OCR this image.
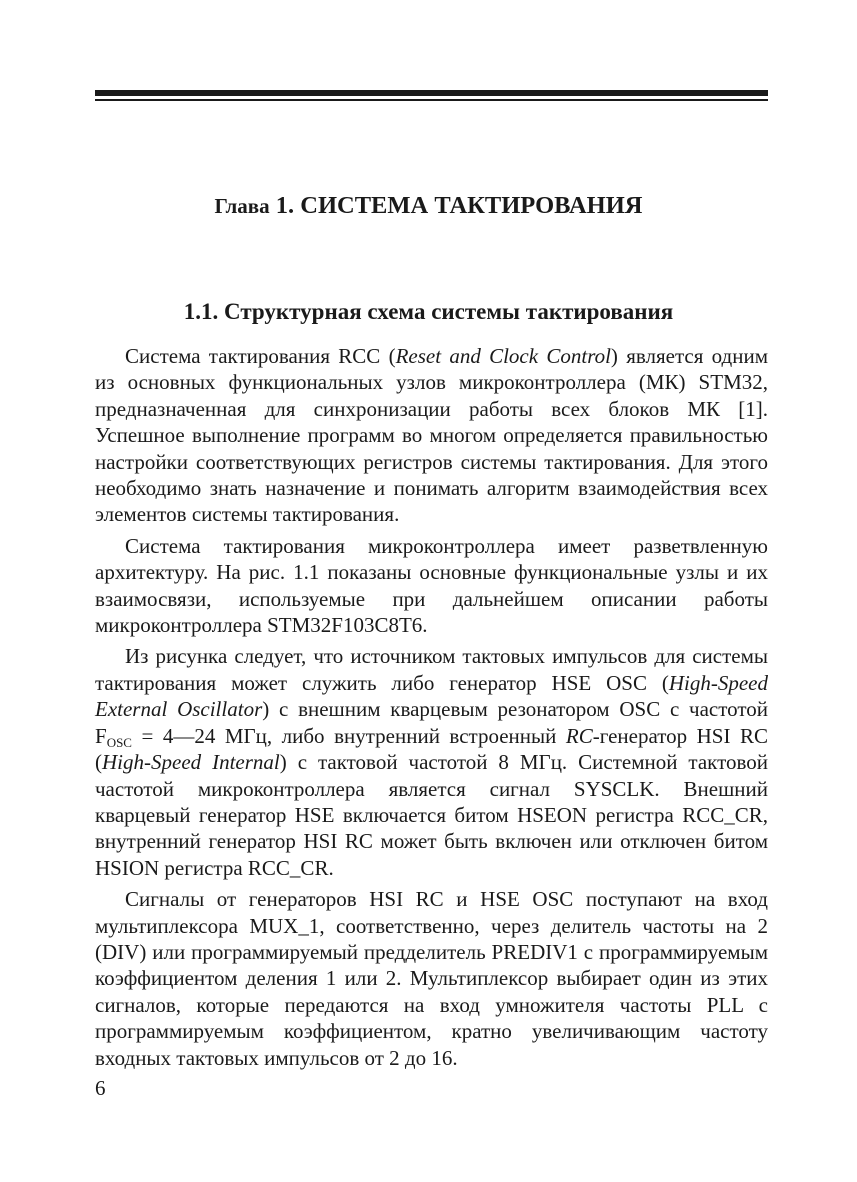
Глава 1. СИСТЕМА ТАКТИРОВАНИЯ
1.1. Структурная схема системы тактирования

Система тактирования RCC (Reset and Clock Control) является одним из основных функциональных узлов микроконтроллера (МК) STM32, предназначенная для синхронизации работы всех блоков МК [1]. Успешное выполнение программ во многом определяется правильностью настройки соответствующих регистров системы тактирования. Для этого необходимо знать назначение и понимать алгоритм взаимодействия всех элементов системы тактирования.

Система тактирования микроконтроллера имеет разветвленную архитектуру. На рис. 1.1 показаны основные функциональные узлы и их взаимосвязи, используемые при дальнейшем описании работы микроконтроллера STM32F103C8T6.

Из рисунка следует, что источником тактовых импульсов для системы тактирования может служить либо генератор HSE OSC (High-Speed External Oscillator) с внешним кварцевым резонатором OSC с частотой $F_{OSC}$ = 4—24 МГц, либо внутренний встроенный RC-генератор HSI RC (High-Speed Internal) с тактовой частотой 8 МГц. Системной тактовой частотой микроконтроллера является сигнал SYSCLK. Внешний кварцевый генератор HSE включается битом HSEON регистра RCC_CR, внутренний генератор HSI RC может быть включен или отключен битом HSION регистра RCC_CR.

Сигналы от генераторов HSI RC и HSE OSC поступают на вход мультиплексора MUX_1, соответственно, через делитель частоты на 2 (DIV) или программируемый предделитель PREDIV1 с программируемым коэффициентом деления 1 или 2. Мультиплексор выбирает один из этих сигналов, которые передаются на вход умножителя частоты PLL с программируемым коэффициентом, кратно увеличивающим частоту входных тактовых импульсов от 2 до 16.

6
